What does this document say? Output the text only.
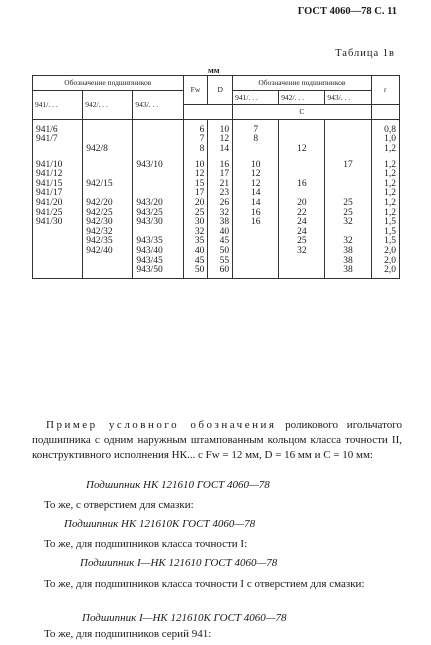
ГОСТ 4060—78 С. 11
Таблица 1в
мм
Обозначение подшипников			Fw	D	Обозначение подшипников			r
941/. . .	942/. . .	943/. . .			941/. . .	942/. . .	943/. . .	
					C			
941/6			6	10	7			0,8
941/7			7	12	8			1,0
	942/8		8	14		12		1,2
941/10		943/10	10	16	10		17	1,2
941/12			12	17	12			1,2
941/15	942/15		15	21	12	16		1,2
941/17			17	23	14			1,2
941/20	942/20	943/20	20	26	14	20	25	1,2
941/25	942/25	943/25	25	32	16	22	25	1,2
941/30	942/30	943/30	30	38	16	24	32	1,5
	942/32		32	40		24		1,5
	942/35	943/35	35	45		25	32	1,5
	942/40	943/40	40	50		32	38	2,0
		943/45	45	55			38	2,0
		943/50	50	60			38	2,0
Пример условного обозначения роликового игольчатого подшипника с одним наружным штампованным кольцом класса точности II, конструктивного исполнения НК... с Fw = 12 мм, D = 16 мм и C = 10 мм:
Подшипник НК 121610 ГОСТ 4060—78
То же, с отверстием для смазки:
Подшипник НК 121610К ГОСТ 4060—78
То же, для подшипников класса точности I:
Подшипник I—НК 121610 ГОСТ 4060—78
То же, для подшипников класса точности I с отверстием для смазки:
Подшипник I—НК 121610К ГОСТ 4060—78
То же, для подшипников серий 941:
